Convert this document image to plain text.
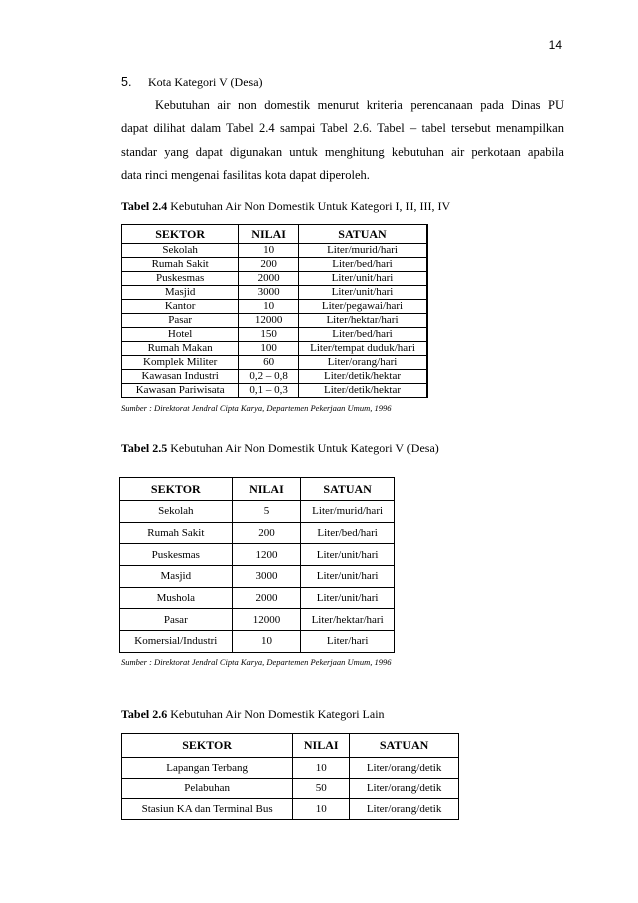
14
5. Kota Kategori V (Desa)
Kebutuhan air non domestik menurut kriteria perencanaan pada Dinas PU
dapat dilihat dalam Tabel 2.4 sampai Tabel 2.6. Tabel – tabel tersebut menampilkan
standar yang dapat digunakan untuk menghitung kebutuhan air perkotaan apabila
data rinci mengenai fasilitas kota dapat diperoleh.
Tabel 2.4 Kebutuhan Air Non Domestik Untuk Kategori I, II, III, IV
SEKTOR	NILAI	SATUAN
Sekolah	10	Liter/murid/hari
Rumah Sakit	200	Liter/bed/hari
Puskesmas	2000	Liter/unit/hari
Masjid	3000	Liter/unit/hari
Kantor	10	Liter/pegawai/hari
Pasar	12000	Liter/hektar/hari
Hotel	150	Liter/bed/hari
Rumah Makan	100	Liter/tempat duduk/hari
Komplek Militer	60	Liter/orang/hari
Kawasan Industri	0,2 – 0,8	Liter/detik/hektar
Kawasan Pariwisata	0,1 – 0,3	Liter/detik/hektar
Sumber : Direktorat Jendral Cipta Karya, Departemen Pekerjaan Umum, 1996
Tabel 2.5 Kebutuhan Air Non Domestik Untuk Kategori V (Desa)
SEKTOR	NILAI	SATUAN
Sekolah	5	Liter/murid/hari
Rumah Sakit	200	Liter/bed/hari
Puskesmas	1200	Liter/unit/hari
Masjid	3000	Liter/unit/hari
Mushola	2000	Liter/unit/hari
Pasar	12000	Liter/hektar/hari
Komersial/Industri	10	Liter/hari
Sumber : Direktorat Jendral Cipta Karya, Departemen Pekerjaan Umum, 1996
Tabel 2.6 Kebutuhan Air Non Domestik Kategori Lain
SEKTOR	NILAI	SATUAN
Lapangan Terbang	10	Liter/orang/detik
Pelabuhan	50	Liter/orang/detik
Stasiun KA dan Terminal Bus	10	Liter/orang/detik
